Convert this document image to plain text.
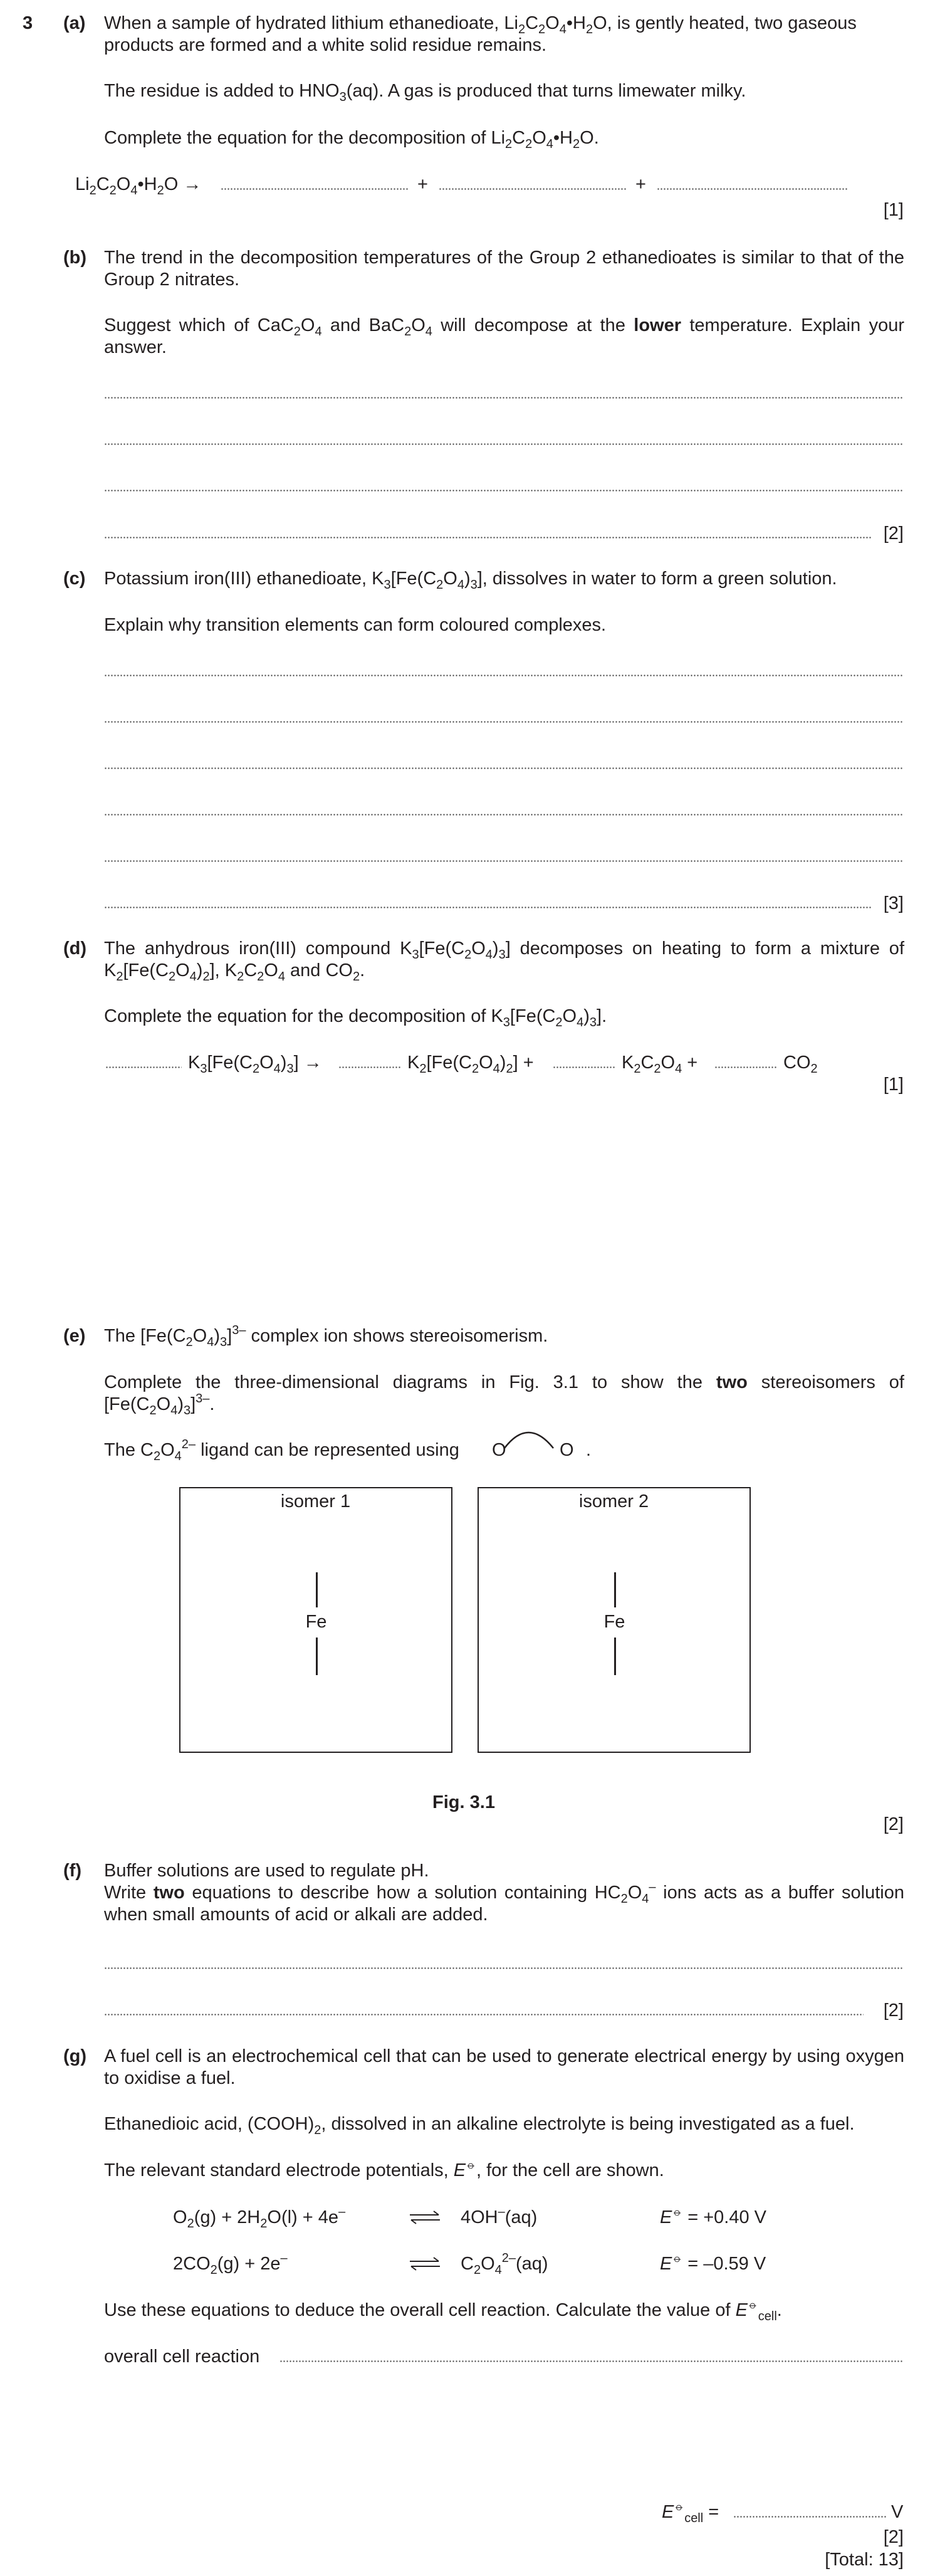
3 (a) When a sample of hydrated lithium ethanedioate, $Li_2C_2O_4•H_2O$, is gently heated, two gaseous products are formed and a white solid residue remains.
The residue is added to $HNO_3(aq)$. A gas is produced that turns limewater milky.
Complete the equation for the decomposition of $Li_2C_2O_4•H_2O$.
$Li_2C_2O_4•H_2O$ →	+	+
[1]
(b) The trend in the decomposition temperatures of the Group 2 ethanedioates is similar to that of the Group 2 nitrates.
Suggest which of $CaC_2O_4$ and $BaC_2O_4$ will decompose at the lower temperature. Explain your answer.
[2]
(c) Potassium iron(III) ethanedioate, $K_3[Fe(C_2O_4)_3]$, dissolves in water to form a green solution.
Explain why transition elements can form coloured complexes.
[3]
(d) The anhydrous iron(III) compound $K_3[Fe(C_2O_4)_3]$ decomposes on heating to form a mixture of $K_2[Fe(C_2O_4)_2]$, $K_2C_2O_4$ and $CO_2$.
Complete the equation for the decomposition of $K_3[Fe(C_2O_4)_3]$.
$K_3[Fe(C_2O_4)_3]$ →	$K_2[Fe(C_2O_4)_2]$ +	$K_2C_2O_4$ +	$CO_2$
[1]
(e) The $[Fe(C_2O_4)_3]^{3-}$ complex ion shows stereoisomerism.
Complete the three-dimensional diagrams in Fig. 3.1 to show the two stereoisomers of $[Fe(C_2O_4)_3]^{3-}$.
The $C_2O_4^{2-}$ ligand can be represented using O	O .
isomer 1
Fe
isomer 2
Fe
Fig. 3.1
[2]
(f) Buffer solutions are used to regulate pH.
Write two equations to describe how a solution containing $HC_2O_4^-$ ions acts as a buffer solution when small amounts of acid or alkali are added.
[2]
(g) A fuel cell is an electrochemical cell that can be used to generate electrical energy by using oxygen to oxidise a fuel.
Ethanedioic acid, $(COOH)_2$, dissolved in an alkaline electrolyte is being investigated as a fuel.
The relevant standard electrode potentials, E⦵, for the cell are shown.
$O_2(g) + 2H_2O(l) + 4e^-$	4OH–(aq)	E⦵ = +0.40 V
$2CO_2(g) + 2e^-$	$C_2O_4^{2-}(aq)$	E⦵ = –0.59 V
Use these equations to deduce the overall cell reaction. Calculate the value of $E^⦵_{cell}$.
overall cell reaction
$E^⦵_{cell}$ =	V
[2]
[Total: 13]
